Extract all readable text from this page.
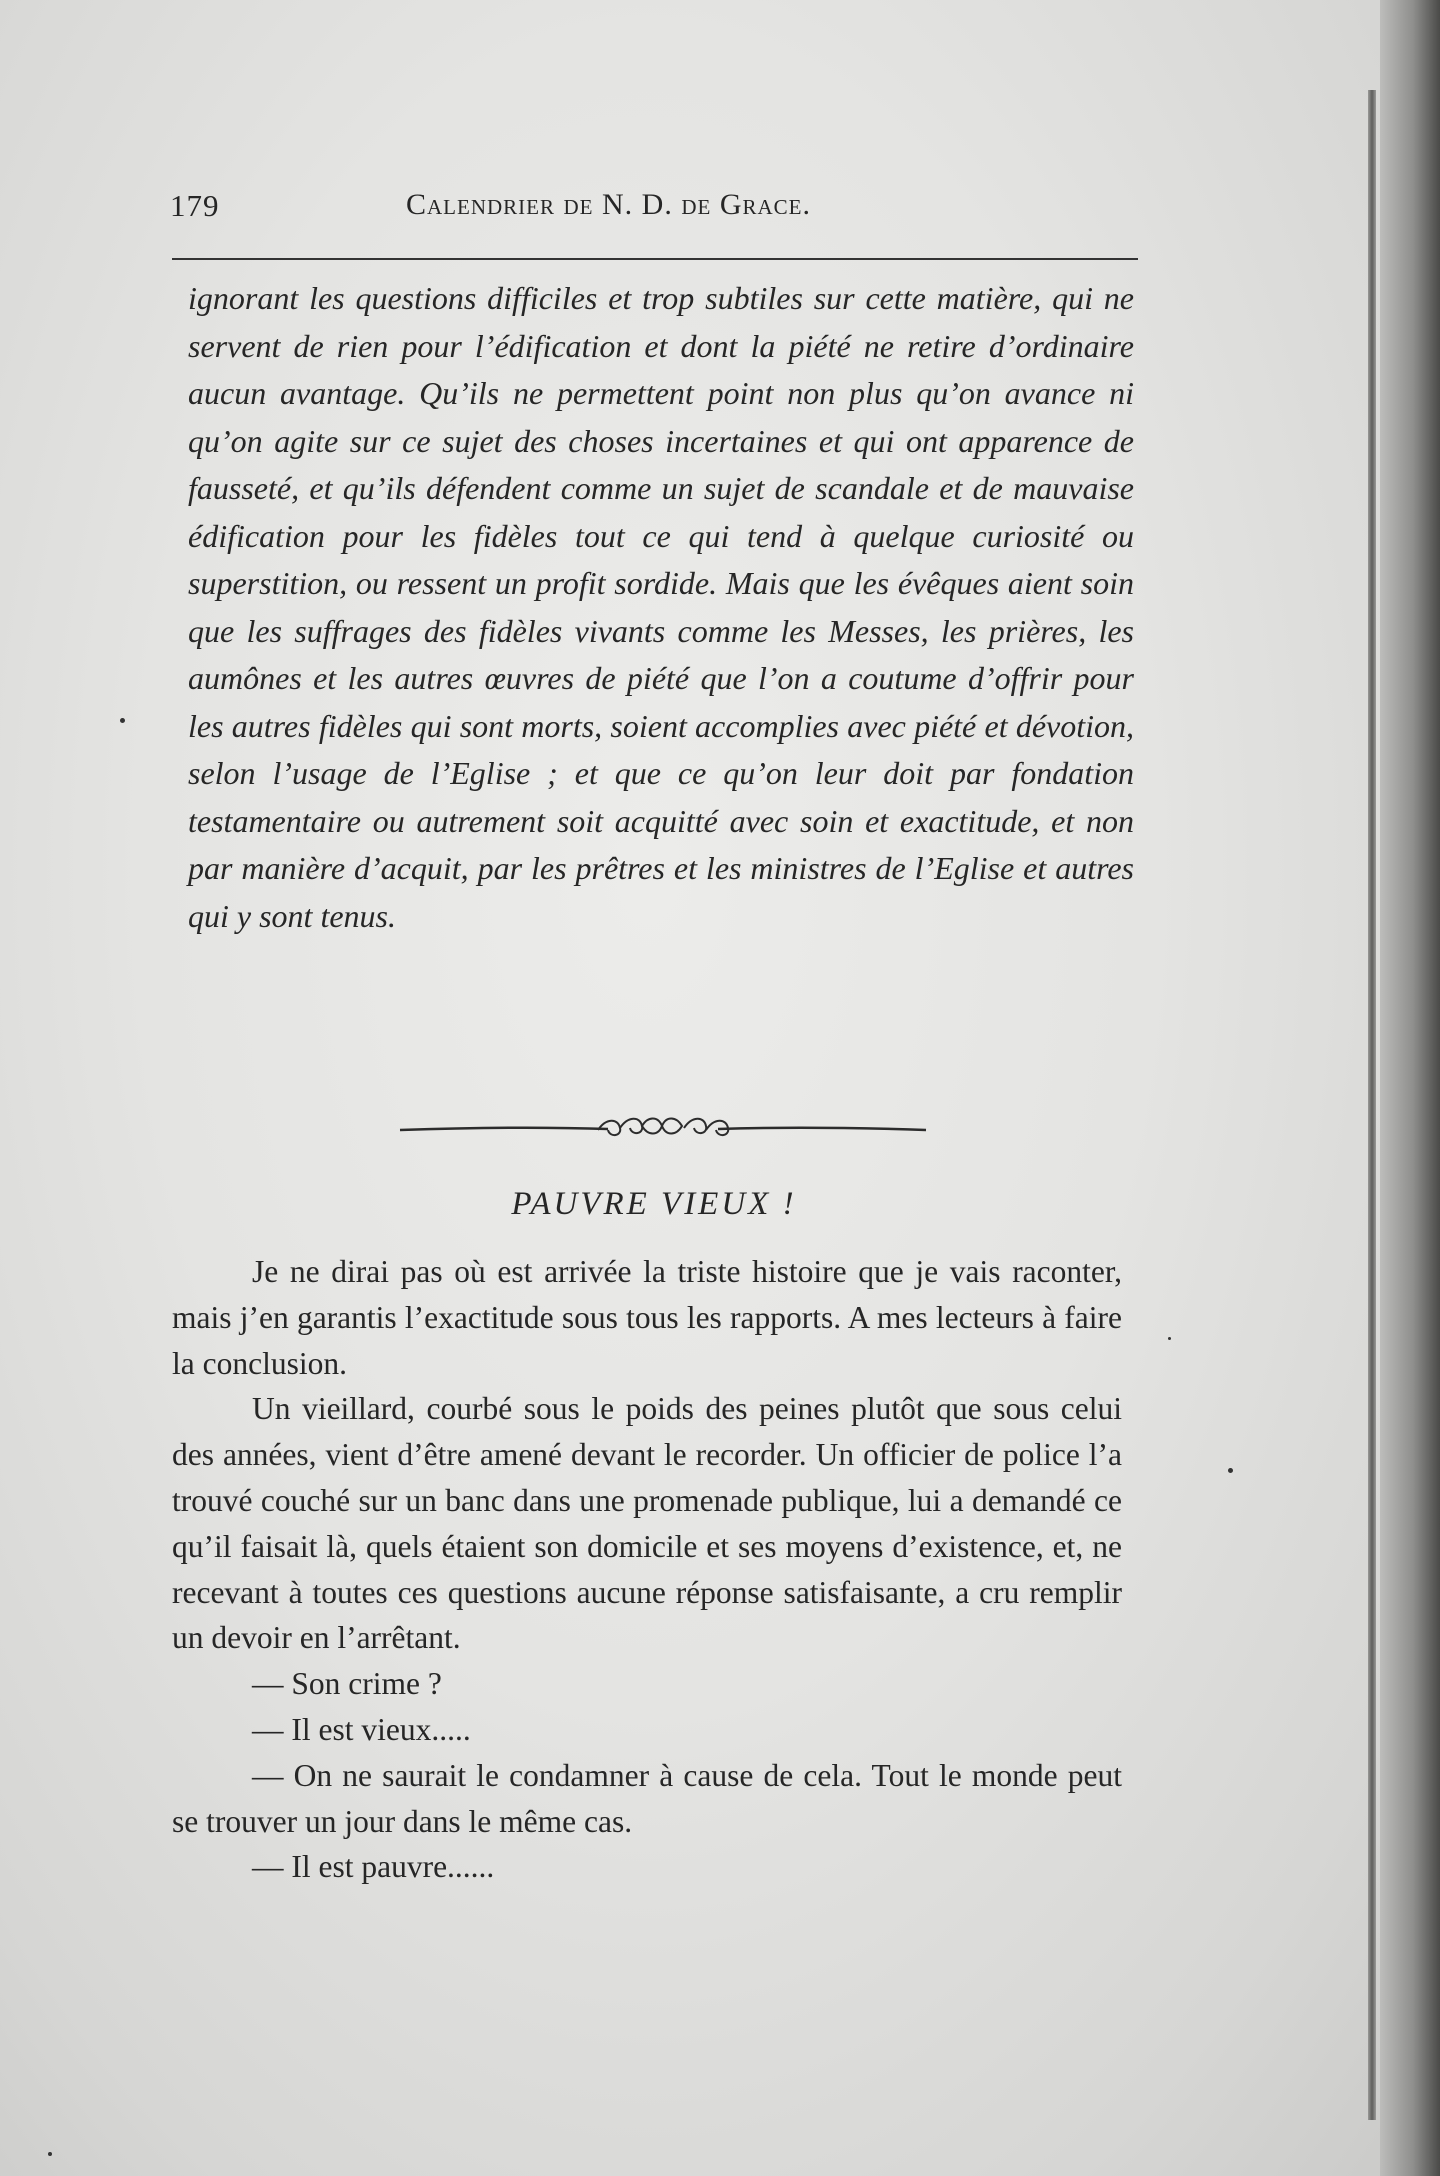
179	Calendrier de N. D. de Grace.

ignorant les questions difficiles et trop subtiles sur cette matière, qui ne servent de rien pour l’édification et dont la piété ne retire d’ordinaire aucun avantage. Qu’ils ne permettent point non plus qu’on avance ni qu’on agite sur ce sujet des choses incertaines et qui ont apparence de fausseté, et qu’ils défendent comme un sujet de scandale et de mauvaise édification pour les fidèles tout ce qui tend à quelque curiosité ou superstition, ou ressent un profit sordide. Mais que les évêques aient soin que les suffrages des fidèles vivants comme les Messes, les prières, les aumônes et les autres œuvres de piété que l’on a coutume d’offrir pour les autres fidèles qui sont morts, soient accomplies avec piété et dévotion, selon l’usage de l’Eglise ; et que ce qu’on leur doit par fondation testamentaire ou autrement soit acquitté avec soin et exactitude, et non par manière d’acquit, par les prêtres et les ministres de l’Eglise et autres qui y sont tenus.

PAUVRE VIEUX !

Je ne dirai pas où est arrivée la triste histoire que je vais raconter, mais j’en garantis l’exactitude sous tous les rapports. A mes lecteurs à faire la conclusion.

Un vieillard, courbé sous le poids des peines plutôt que sous celui des années, vient d’être amené devant le recorder. Un officier de police l’a trouvé couché sur un banc dans une promenade publique, lui a demandé ce qu’il faisait là, quels étaient son domicile et ses moyens d’existence, et, ne recevant à toutes ces questions aucune réponse satisfaisante, a cru remplir un devoir en l’arrêtant.

— Son crime ?

— Il est vieux.....

— On ne saurait le condamner à cause de cela. Tout le monde peut se trouver un jour dans le même cas.

— Il est pauvre......
